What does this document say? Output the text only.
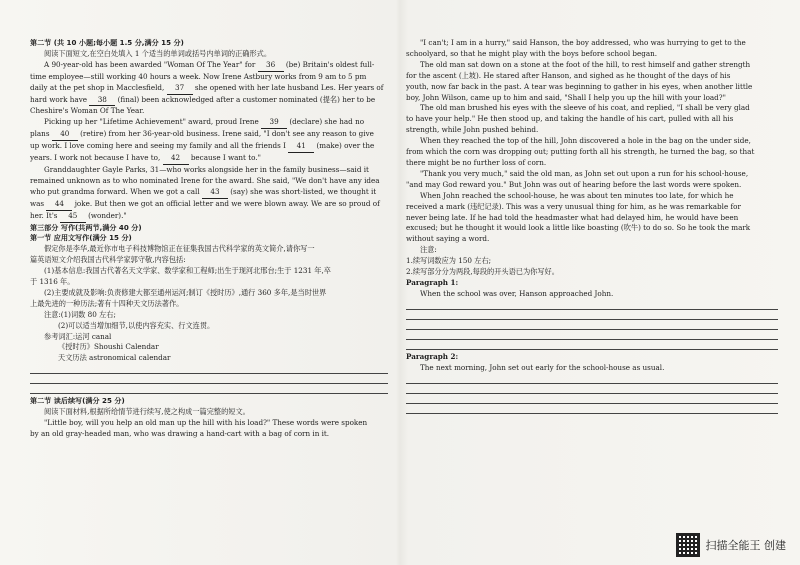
第二节 (共 10 小题;每小题 1.5 分,满分 15 分)

阅读下面短文,在空白处填入 1 个适当的单词或括号内单词的正确形式。

A 90-year-old has been awarded "Woman Of The Year" for 36 (be) Britain's oldest full-

time employee—still working 40 hours a week. Now Irene Astbury works from 9 am to 5 pm

daily at the pet shop in Macclesfield, 37 she opened with her late husband Les. Her years of

hard work have 38 (final) been acknowledged after a customer nominated (提名) her to be

Cheshire's Woman Of The Year.

Picking up her "Lifetime Achievement" award, proud Irene 39 (declare) she had no

plans 40 (retire) from her 36-year-old business. Irene said, "I don't see any reason to give

up work. I love coming here and seeing my family and all the friends I 41 (make) over the

years. I work not because I have to, 42 because I want to."

Granddaughter Gayle Parks, 31—who works alongside her in the family business—said it

remained unknown as to who nominated Irene for the award. She said, "We don't have any idea

who put grandma forward. When we got a call 43 (say) she was short-listed, we thought it

was 44 joke. But then we got an official letter and we were blown away. We are so proud of

her. It's 45 (wonder)."

第三部分 写作(共两节,满分 40 分)

第一节 应用文写作(满分 15 分)

假定你是李华,最近你市电子科技博物馆正在征集我国古代科学家的英文简介,请你写一

篇英语短文介绍我国古代科学家郭守敬,内容包括:

(1)基本信息:我国古代著名天文学家、数学家和工程师;出生于现河北邢台;生于 1231 年,卒

于 1316 年。

(2)主要成就及影响:负责修建大都至通州运河;制订《授时历》,通行 360 多年,是当时世界

上最先进的一种历法;著有十四种天文历法著作。

注意:(1)词数 80 左右;

(2)可以适当增加细节,以使内容充实、行文连贯。

参考词汇:运河 canal

《授时历》Shoushi Calendar

天文历法 astronomical calendar

第二节 读后续写(满分 25 分)

阅读下面材料,根据所给情节进行续写,使之构成一篇完整的短文。

"Little boy, will you help an old man up the hill with his load?" These words were spoken

by an old gray-headed man, who was drawing a hand-cart with a bag of corn in it.

"I can't; I am in a hurry," said Hanson, the boy addressed, who was hurrying to get to the

schoolyard, so that he might play with the boys before school began.

The old man sat down on a stone at the foot of the hill, to rest himself and gather strength

for the ascent (上坡). He stared after Hanson, and sighed as he thought of the days of his

youth, now far back in the past. A tear was beginning to gather in his eyes, when another little

boy, John Wilson, came up to him and said, "Shall I help you up the hill with your load?"

The old man brushed his eyes with the sleeve of his coat, and replied, "I shall be very glad

to have your help." He then stood up, and taking the handle of his cart, pulled with all his

strength, while John pushed behind.

When they reached the top of the hill, John discovered a hole in the bag on the under side,

from which the corn was dropping out; putting forth all his strength, he turned the bag, so that

there might be no further loss of corn.

"Thank you very much," said the old man, as John set out upon a run for his school-house,

"and may God reward you." But John was out of hearing before the last words were spoken.

When John reached the school-house, he was about ten minutes too late, for which he

received a mark (违纪记录). This was a very unusual thing for him, as he was remarkable for

never being late. If he had told the headmaster what had delayed him, he would have been

excused; but he thought it would look a little like boasting (吹牛) to do so. So he took the mark

without saying a word.

注意:

1.续写词数应为 150 左右;

2.续写部分分为两段,每段的开头语已为你写好。

Paragraph 1:

When the school was over, Hanson approached John.

Paragraph 2:

The next morning, John set out early for the school-house as usual.

扫描全能王 创建
